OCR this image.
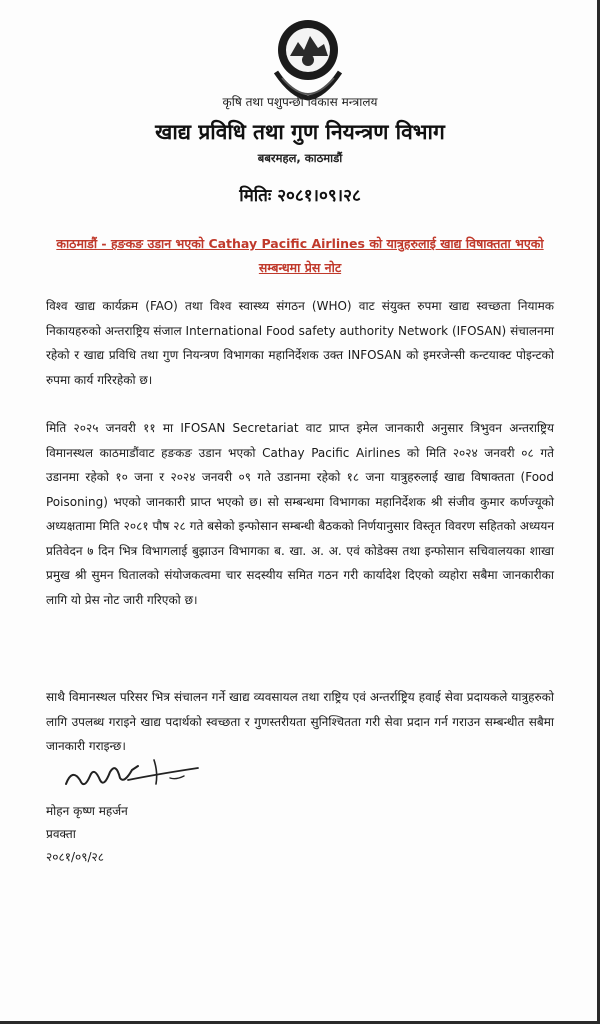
कृषि तथा पशुपन्छी विकास मन्त्रालय
खाद्य प्रविधि तथा गुण नियन्त्रण विभाग
बबरमहल, काठमाडौं
मितिः २०८१।०९।२८
काठमाडौं - हङकङ उडान भएको Cathay Pacific Airlines को यात्रुहरुलाई खाद्य विषाक्तता भएको
सम्बन्धमा प्रेस नोट
विश्व खाद्य कार्यक्रम (FAO) तथा विश्व स्वास्थ्य संगठन (WHO) वाट संयुक्त रुपमा खाद्य स्वच्छता नियामक निकायहरुको अन्तराष्ट्रिय संजाल International Food safety authority Network (IFOSAN) संचालनमा रहेको र खाद्य प्रविधि तथा गुण नियन्त्रण विभागका महानिर्देशक उक्त INFOSAN को इमरजेन्सी कन्टयाक्ट पोइन्टको रुपमा कार्य गरिरहेको छ।
मिति २०२५ जनवरी ११ मा IFOSAN Secretariat वाट प्राप्त इमेल जानकारी अनुसार त्रिभुवन अन्तराष्ट्रिय विमानस्थल काठमाडौंवाट हङकङ उडान भएको Cathay Pacific Airlines को मिति २०२४ जनवरी ०८ गते उडानमा रहेको १० जना र २०२४ जनवरी ०९ गते उडानमा रहेको १८ जना यात्रुहरुलाई खाद्य विषाक्तता (Food Poisoning) भएको जानकारी प्राप्त भएको छ। सो सम्बन्धमा विभागका महानिर्देशक श्री संजीव कुमार कर्णज्यूको अध्यक्षतामा मिति २०८१ पौष २८ गते बसेको इन्फोसान सम्बन्धी बैठकको निर्णयानुसार विस्तृत विवरण सहितको अध्ययन प्रतिवेदन ७ दिन भित्र विभागलाई बुझाउन विभागका ब. खा. अ. अ. एवं कोडेक्स तथा इन्फोसान सचिवालयका शाखा प्रमुख श्री सुमन घितालको संयोजकत्वमा चार सदस्यीय समित गठन गरी कार्यादेश दिएको व्यहोरा सबैमा जानकारीका लागि यो प्रेस नोट जारी गरिएको छ।
साथै विमानस्थल परिसर भित्र संचालन गर्ने खाद्य व्यवसायल तथा राष्ट्रिय एवं अन्तर्राष्ट्रिय हवाई सेवा प्रदायकले यात्रुहरुको लागि उपलब्ध गराइने खाद्य पदार्थको स्वच्छता र गुणस्तरीयता सुनिश्चितता गरी सेवा प्रदान गर्न गराउन सम्बन्धीत सबैमा जानकारी गराइन्छ।
मोहन कृष्ण महर्जन
प्रवक्ता
२०८१/०९/२८
